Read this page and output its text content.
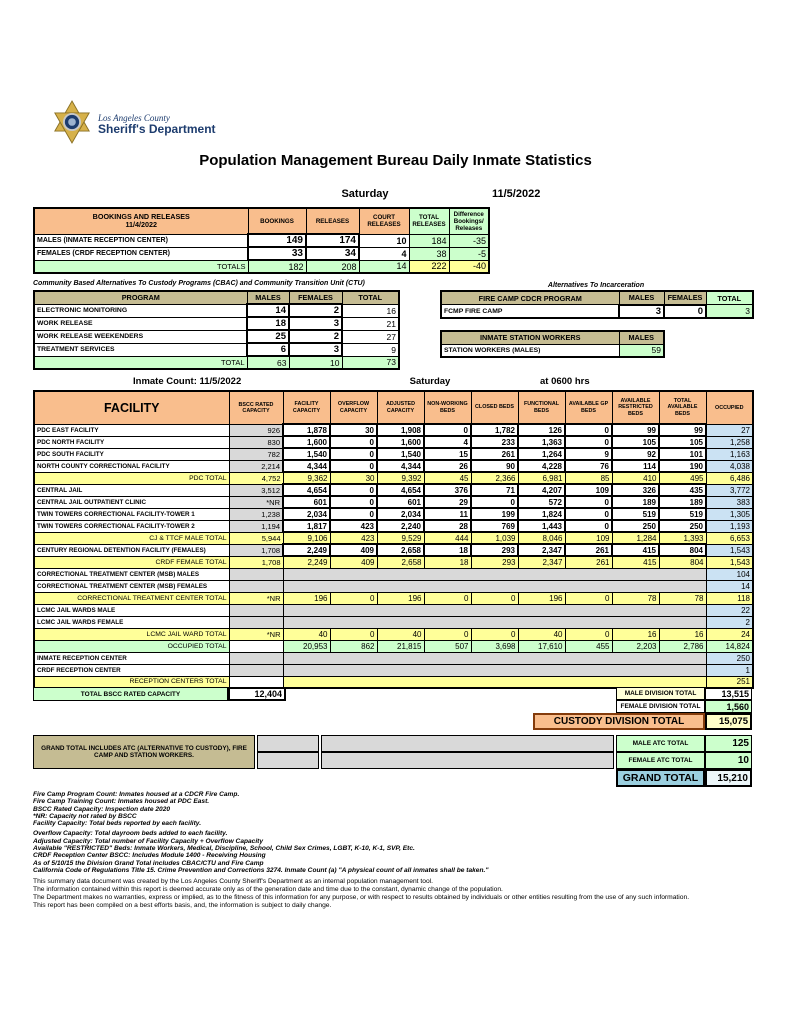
Los Angeles County
Sheriff's Department
Population Management Bureau Daily Inmate Statistics
Saturday	11/5/2022
BOOKINGS AND RELEASES
11/4/2022	BOOKINGS	RELEASES	COURT RELEASES	TOTAL RELEASES	Difference Bookings/ Releases
MALES (INMATE RECEPTION CENTER)	149	174	10	184	-35
FEMALES (CRDF RECEPTION CENTER)	33	34	4	38	-5
TOTALS	182	208	14	222	-40
Community Based Alternatives To Custody Programs (CBAC) and Community Transition Unit (CTU)
PROGRAM	MALES	FEMALES	TOTAL
ELECTRONIC MONITORING	14	2	16
WORK RELEASE	18	3	21
WORK RELEASE WEEKENDERS	25	2	27
TREATMENT SERVICES	6	3	9
TOTAL	63	10	73
Alternatives To Incarceration
FIRE CAMP CDCR PROGRAM	MALES	FEMALES	TOTAL
FCMP FIRE CAMP	3	0	3
INMATE STATION WORKERS	MALES
STATION WORKERS (MALES)	59
Inmate Count: 11/5/2022	Saturday	at 0600 hrs
FACILITY	BSCC RATED CAPACITY	FACILITY CAPACITY	OVERFLOW CAPACITY	ADJUSTED CAPACITY	NON-WORKING BEDS	CLOSED BEDS	FUNCTIONAL BEDS	AVAILABLE GP BEDS	AVAILABLE RESTRICTED BEDS	TOTAL AVAILABLE BEDS	OCCUPIED
PDC EAST FACILITY	926	1,878	30	1,908	0	1,782	126	0	99	99	27
PDC NORTH FACILITY	830	1,600	0	1,600	4	233	1,363	0	105	105	1,258
PDC SOUTH FACILITY	782	1,540	0	1,540	15	261	1,264	9	92	101	1,163
NORTH COUNTY CORRECTIONAL FACILITY	2,214	4,344	0	4,344	26	90	4,228	76	114	190	4,038
PDC TOTAL	4,752	9,362	30	9,392	45	2,366	6,981	85	410	495	6,486
CENTRAL JAIL	3,512	4,654	0	4,654	376	71	4,207	109	326	435	3,772
CENTRAL JAIL OUTPATIENT CLINIC	*NR	601	0	601	29	0	572	0	189	189	383
TWIN TOWERS CORRECTIONAL FACILITY-TOWER 1	1,238	2,034	0	2,034	11	199	1,824	0	519	519	1,305
TWIN TOWERS CORRECTIONAL FACILITY-TOWER 2	1,194	1,817	423	2,240	28	769	1,443	0	250	250	1,193
CJ & TTCF MALE TOTAL	5,944	9,106	423	9,529	444	1,039	8,046	109	1,284	1,393	6,653
CENTURY REGIONAL DETENTION FACILITY (FEMALES)	1,708	2,249	409	2,658	18	293	2,347	261	415	804	1,543
CRDF FEMALE TOTAL	1,708	2,249	409	2,658	18	293	2,347	261	415	804	1,543
CORRECTIONAL TREATMENT CENTER (MSB) MALES											104
CORRECTIONAL TREATMENT CENTER (MSB) FEMALES											14
CORRECTIONAL TREATMENT CENTER TOTAL	*NR	196	0	196	0	0	196	0	78	78	118
LCMC JAIL WARDS MALE											22
LCMC JAIL WARDS FEMALE											2
LCMC JAIL WARD TOTAL	*NR	40	0	40	0	0	40	0	16	16	24
OCCUPIED TOTAL		20,953	862	21,815	507	3,698	17,610	455	2,203	2,786	14,824
INMATE RECEPTION CENTER											250
CRDF RECEPTION CENTER											1
RECEPTION CENTERS TOTAL											251
TOTAL BSCC RATED CAPACITY	12,404	MALE DIVISION TOTAL	13,515
FEMALE DIVISION TOTAL	1,560
CUSTODY DIVISION TOTAL	15,075
GRAND TOTAL INCLUDES ATC (ALTERNATIVE TO CUSTODY), FIRE CAMP AND STATION WORKERS.
MALE ATC TOTAL	125
FEMALE ATC TOTAL	10
GRAND TOTAL	15,210
Fire Camp Program Count: Inmates housed at a CDCR Fire Camp.
Fire Camp Training Count: Inmates housed at PDC East.
BSCC Rated Capacity: Inspection date 2020
*NR: Capacity not rated by BSCC
Facility Capacity: Total beds reported by each facility.
Overflow Capacity: Total dayroom beds added to each facility.
Adjusted Capacity: Total number of Facility Capacity + Overflow Capacity
Available "RESTRICTED" Beds: Inmate Workers, Medical, Discipline, School, Child Sex Crimes, LGBT, K-10, K-1, SVP, Etc.
CRDF Reception Center BSCC: Includes Module 1400 - Receiving Housing
As of 5/10/15 the Division Grand Total includes CBAC/CTU and Fire Camp
California Code of Regulations Title 15. Crime Prevention and Corrections 3274. Inmate Count (a) "A physical count of all inmates shall be taken."
This summary data document was created by the Los Angeles County Sheriff's Department as an internal population management tool.
The information contained within this report is deemed accurate only as of the generation date and time due to the constant, dynamic change of the population.
The Department makes no warranties, express or implied, as to the fitness of this information for any purpose, or with respect to results obtained by individuals or other entities resulting from the use of any such information.
This report has been compiled on a best efforts basis, and, the information is subject to daily change.
